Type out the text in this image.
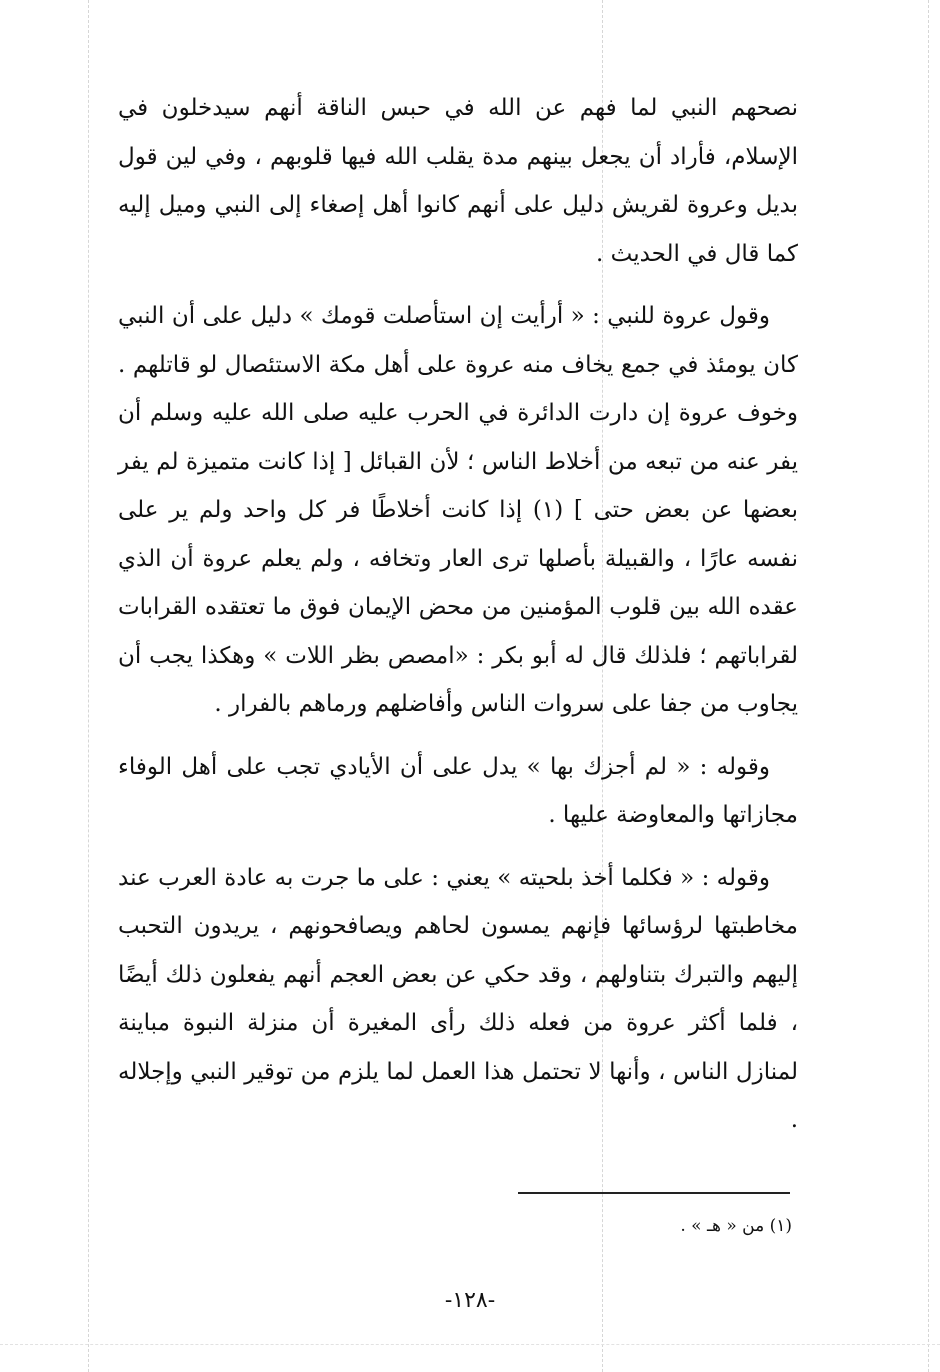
نصحهم النبي لما فهم عن الله في حبس الناقة أنهم سيدخلون في الإسلام، فأراد أن يجعل بينهم مدة يقلب الله فيها قلوبهم ، وفي لين قول بديل وعروة لقريش دليل على أنهم كانوا أهل إصغاء إلى النبي وميل إليه كما قال في الحديث .

وقول عروة للنبي : « أرأيت إن استأصلت قومك » دليل على أن النبي كان يومئذ في جمع يخاف منه عروة على أهل مكة الاستئصال لو قاتلهم . وخوف عروة إن دارت الدائرة في الحرب عليه صلى الله عليه وسلم أن يفر عنه من تبعه من أخلاط الناس ؛ لأن القبائل [ إذا كانت متميزة لم يفر بعضها عن بعض حتى ] (١) إذا كانت أخلاطًا فر كل واحد ولم ير على نفسه عارًا ، والقبيلة بأصلها ترى العار وتخافه ، ولم يعلم عروة أن الذي عقده الله بين قلوب المؤمنين من محض الإيمان فوق ما تعتقده القرابات لقراباتهم ؛ فلذلك قال له أبو بكر : «امصص بظر اللات » وهكذا يجب أن يجاوب من جفا على سروات الناس وأفاضلهم ورماهم بالفرار .

وقوله : « لم أجزك بها » يدل على أن الأيادي تجب على أهل الوفاء مجازاتها والمعاوضة عليها .

وقوله : « فكلما أخذ بلحيته » يعني : على ما جرت به عادة العرب عند مخاطبتها لرؤسائها فإنهم يمسون لحاهم ويصافحونهم ، يريدون التحبب إليهم والتبرك بتناولهم ، وقد حكي عن بعض العجم أنهم يفعلون ذلك أيضًا ، فلما أكثر عروة من فعله ذلك رأى المغيرة أن منزلة النبوة مباينة لمنازل الناس ، وأنها لا تحتمل هذا العمل لما يلزم من توقير النبي وإجلاله .

(١) من « هـ » .
-١٢٨-
